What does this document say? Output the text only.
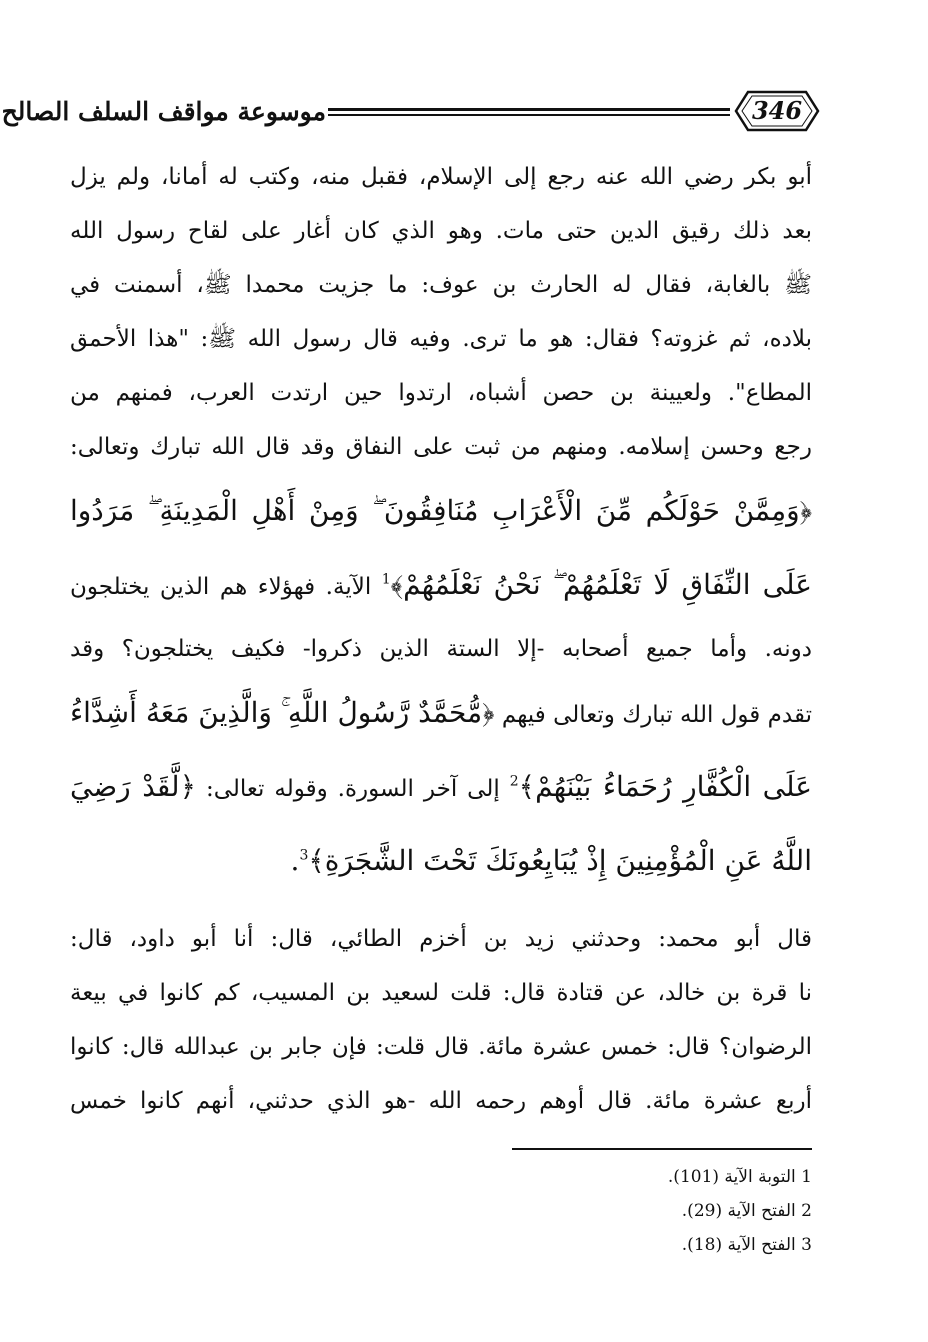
موسوعة مواقف السلف الصالح	346
أبو بكر رضي الله عنه رجع إلى الإسلام، فقبل منه، وكتب له أمانا، ولم يزل
بعد ذلك رقيق الدين حتى مات. وهو الذي كان أغار على لقاح رسول الله
ﷺ بالغابة، فقال له الحارث بن عوف: ما جزيت محمدا ﷺ، أسمنت في
بلاده، ثم غزوته؟ فقال: هو ما ترى. وفيه قال رسول الله ﷺ: "هذا الأحمق
المطاع". ولعيينة بن حصن أشباه، ارتدوا حين ارتدت العرب، فمنهم من
رجع وحسن إسلامه. ومنهم من ثبت على النفاق وقد قال الله تبارك وتعالى:
﴿وَمِمَّنْ حَوْلَكُم مِّنَ الْأَعْرَابِ مُنَافِقُونَ ۖ وَمِنْ أَهْلِ الْمَدِينَةِ ۖ مَرَدُوا
عَلَى النِّفَاقِ لَا تَعْلَمُهُمْ ۖ نَحْنُ نَعْلَمُهُمْ﴾$^1$ الآية. فهؤلاء هم الذين يختلجون
دونه. وأما جميع أصحابه -إلا الستة الذين ذكروا- فكيف يختلجون؟ وقد
تقدم قول الله تبارك وتعالى فيهم ﴿مُّحَمَّدٌ رَّسُولُ اللَّهِ ۚ وَالَّذِينَ مَعَهُ أَشِدَّاءُ
عَلَى الْكُفَّارِ رُحَمَاءُ بَيْنَهُمْ﴾$^2$ إلى آخر السورة. وقوله تعالى: ﴿لَّقَدْ رَضِيَ
اللَّهُ عَنِ الْمُؤْمِنِينَ إِذْ يُبَايِعُونَكَ تَحْتَ الشَّجَرَةِ﴾$^3$.
قال أبو محمد: وحدثني زيد بن أخزم الطائي، قال: أنا أبو داود، قال:
نا قرة بن خالد، عن قتادة قال: قلت لسعيد بن المسيب، كم كانوا في بيعة
الرضوان؟ قال: خمس عشرة مائة. قال قلت: فإن جابر بن عبدالله قال: كانوا
أربع عشرة مائة. قال أوهم رحمه الله -هو الذي حدثني، أنهم كانوا خمس
1 التوبة الآية (101).
2 الفتح الآية (29).
3 الفتح الآية (18).
